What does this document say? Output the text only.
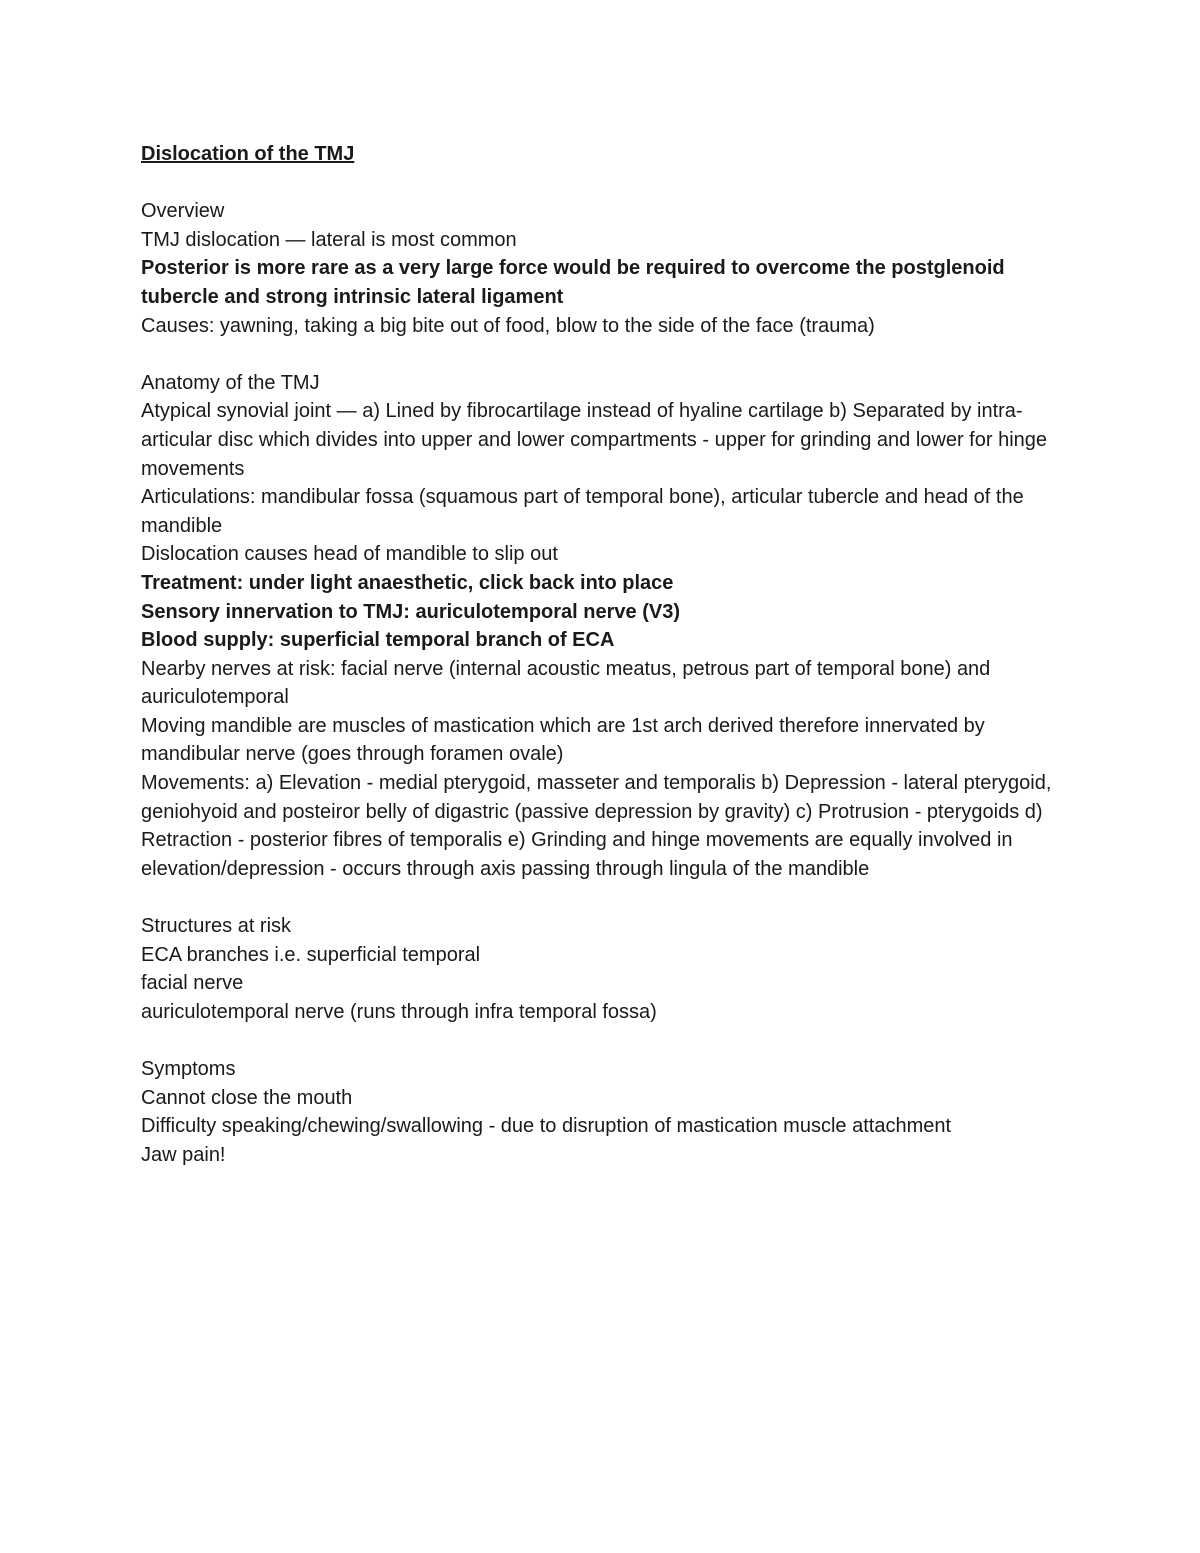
Dislocation of the TMJ

Overview

TMJ dislocation — lateral is most common

Posterior is more rare as a very large force would be required to overcome the postglenoid tubercle and strong intrinsic lateral ligament

Causes: yawning, taking a big bite out of food, blow to the side of the face (trauma)

Anatomy of the TMJ

Atypical synovial joint — a) Lined by fibrocartilage instead of hyaline cartilage b) Separated by intra-articular disc which divides into upper and lower compartments - upper for grinding and lower for hinge movements

Articulations: mandibular fossa (squamous part of temporal bone), articular tubercle and head of the mandible

Dislocation causes head of mandible to slip out

Treatment: under light anaesthetic, click back into place

Sensory innervation to TMJ: auriculotemporal nerve (V3)

Blood supply: superficial temporal branch of ECA

Nearby nerves at risk: facial nerve (internal acoustic meatus, petrous part of temporal bone) and auriculotemporal

Moving mandible are muscles of mastication which are 1st arch derived therefore innervated by mandibular nerve (goes through foramen ovale)

Movements: a) Elevation - medial pterygoid, masseter and temporalis b) Depression - lateral pterygoid, geniohyoid and posteiror belly of digastric (passive depression by gravity) c) Protrusion - pterygoids d) Retraction - posterior fibres of temporalis e) Grinding and hinge movements are equally involved in elevation/depression - occurs through axis passing through lingula of the mandible

Structures at risk

ECA branches i.e. superficial temporal

facial nerve

auriculotemporal nerve (runs through infra temporal fossa)

Symptoms

Cannot close the mouth

Difficulty speaking/chewing/swallowing - due to disruption of mastication muscle attachment

Jaw pain!
